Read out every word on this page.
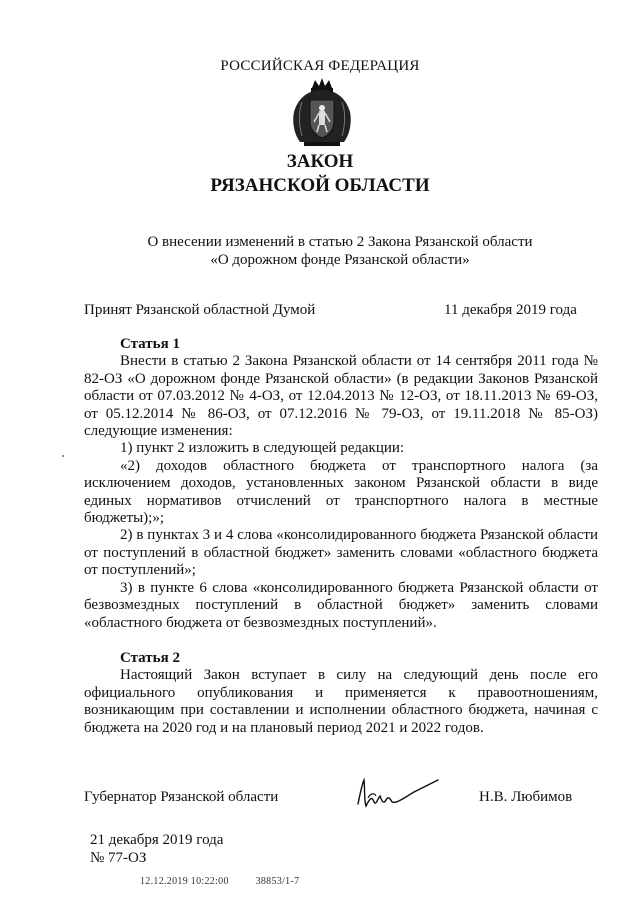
РОССИЙСКАЯ ФЕДЕРАЦИЯ
ЗАКОН
РЯЗАНСКОЙ ОБЛАСТИ
О внесении изменений в статью 2 Закона Рязанской области
«О дорожном фонде Рязанской области»
Принят Рязанской областной Думой	11 декабря 2019 года

Статья 1

Внести в статью 2 Закона Рязанской области от 14 сентября 2011 года № 82-ОЗ «О дорожном фонде Рязанской области» (в редакции Законов Рязанской области от 07.03.2012 № 4-ОЗ, от 12.04.2013 № 12-ОЗ, от 18.11.2013 № 69-ОЗ, от 05.12.2014 № 86-ОЗ, от 07.12.2016 № 79-ОЗ, от 19.11.2018 № 85-ОЗ) следующие изменения:

1) пункт 2 изложить в следующей редакции:

«2) доходов областного бюджета от транспортного налога (за исключением доходов, установленных законом Рязанской области в виде единых нормативов отчислений от транспортного налога в местные бюджеты);»;

2) в пунктах 3 и 4 слова «консолидированного бюджета Рязанской области от поступлений в областной бюджет» заменить словами «областного бюджета от поступлений»;

3) в пункте 6 слова «консолидированного бюджета Рязанской области от безвозмездных поступлений в областной бюджет» заменить словами «областного бюджета от безвозмездных поступлений».

Статья 2

Настоящий Закон вступает в силу на следующий день после его официального опубликования и применяется к правоотношениям, возникающим при составлении и исполнении областного бюджета, начиная с бюджета на 2020 год и на плановый период 2021 и 2022 годов.

Губернатор Рязанской области	Н.В. Любимов
21 декабря 2019 года
№ 77-ОЗ
12.12.2019 10:22:00	38853/1-7
